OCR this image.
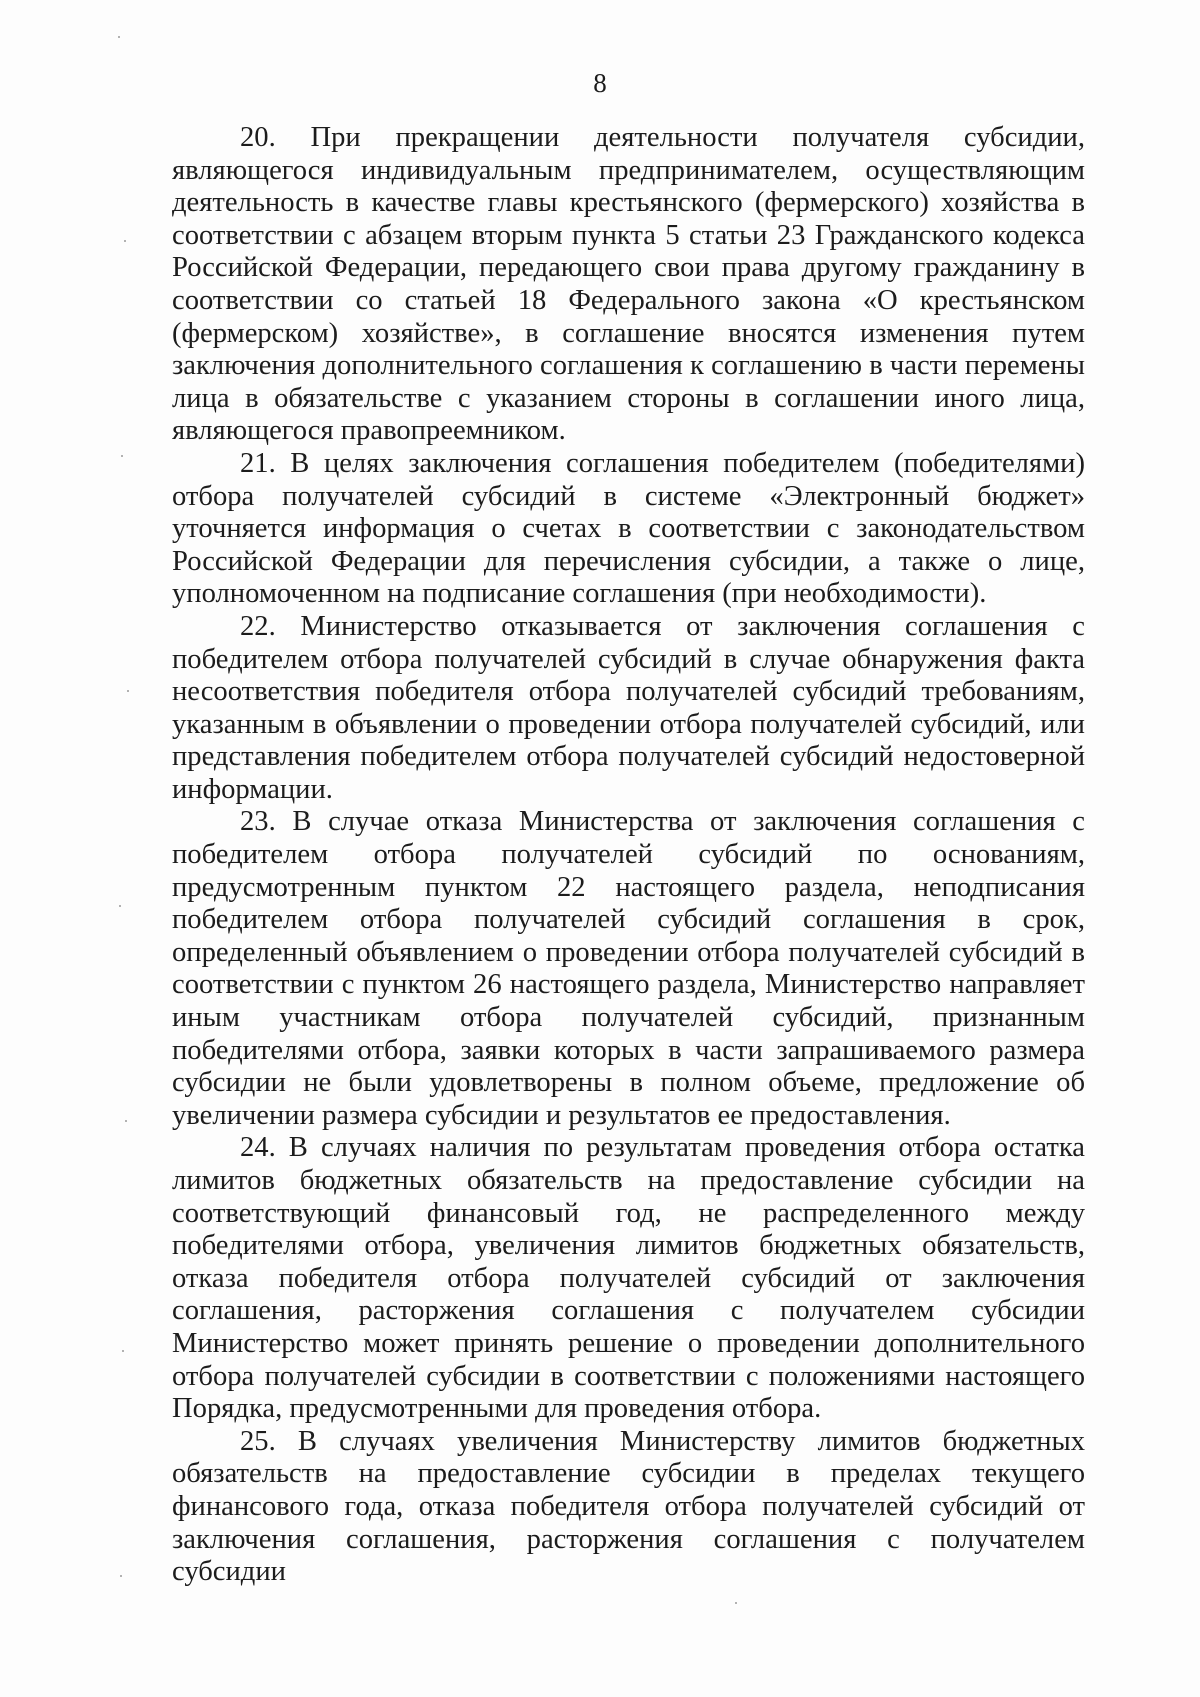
8

20. При прекращении деятельности получателя субсидии, являющегося индивидуальным предпринимателем, осуществляющим деятельность в качестве главы крестьянского (фермерского) хозяйства в соответствии с абзацем вторым пункта 5 статьи 23 Гражданского кодекса Российской Федерации, передающего свои права другому гражданину в соответствии со статьей 18 Федерального закона «О крестьянском (фермерском) хозяйстве», в соглашение вносятся изменения путем заключения дополнительного соглашения к соглашению в части перемены лица в обязательстве с указанием стороны в соглашении иного лица, являющегося правопреемником.

21. В целях заключения соглашения победителем (победителями) отбора получателей субсидий в системе «Электронный бюджет» уточняется информация о счетах в соответствии с законодательством Российской Федерации для перечисления субсидии, а также о лице, уполномоченном на подписание соглашения (при необходимости).

22. Министерство отказывается от заключения соглашения с победителем отбора получателей субсидий в случае обнаружения факта несоответствия победителя отбора получателей субсидий требованиям, указанным в объявлении о проведении отбора получателей субсидий, или представления победителем отбора получателей субсидий недостоверной информации.

23. В случае отказа Министерства от заключения соглашения с победителем отбора получателей субсидий по основаниям, предусмотренным пунктом 22 настоящего раздела, неподписания победителем отбора получателей субсидий соглашения в срок, определенный объявлением о проведении отбора получателей субсидий в соответствии с пунктом 26 настоящего раздела, Министерство направляет иным участникам отбора получателей субсидий, признанным победителями отбора, заявки которых в части запрашиваемого размера субсидии не были удовлетворены в полном объеме, предложение об увеличении размера субсидии и результатов ее предоставления.

24. В случаях наличия по результатам проведения отбора остатка лимитов бюджетных обязательств на предоставление субсидии на соответствующий финансовый год, не распределенного между победителями отбора, увеличения лимитов бюджетных обязательств, отказа победителя отбора получателей субсидий от заключения соглашения, расторжения соглашения с получателем субсидии Министерство может принять решение о проведении дополнительного отбора получателей субсидии в соответствии с положениями настоящего Порядка, предусмотренными для проведения отбора.

25. В случаях увеличения Министерству лимитов бюджетных обязательств на предоставление субсидии в пределах текущего финансового года, отказа победителя отбора получателей субсидий от заключения соглашения, расторжения соглашения с получателем субсидии
